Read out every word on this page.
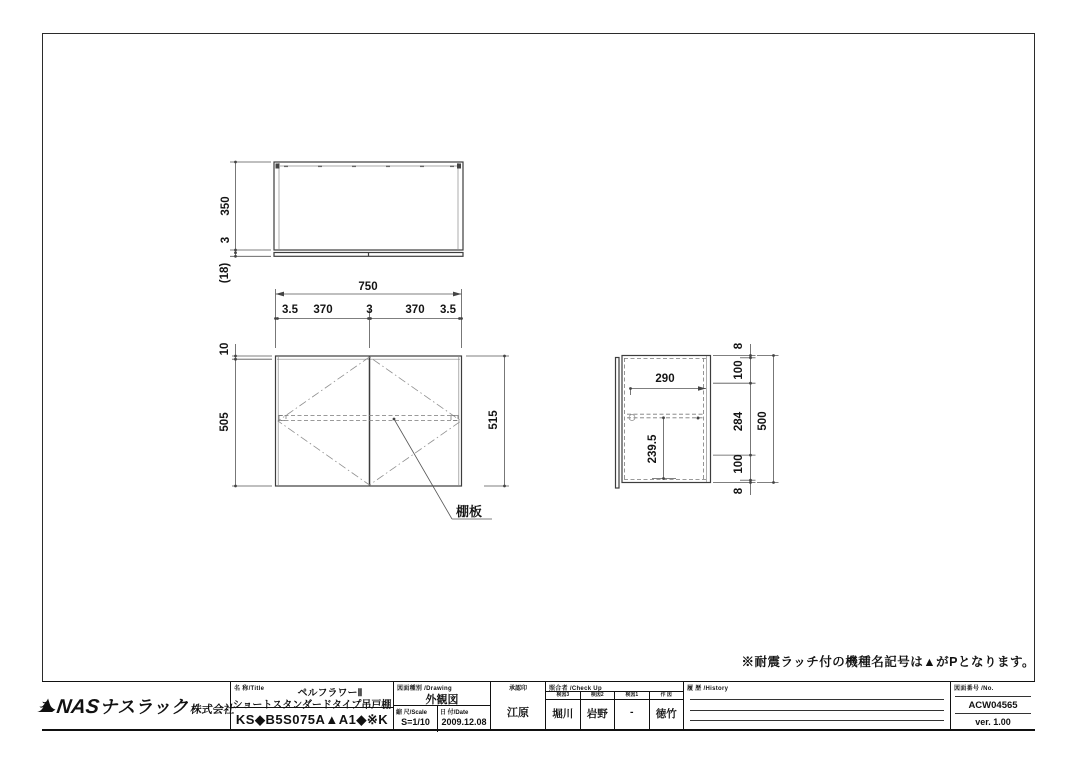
350
3
(18)
750
3.5 370	3	370 3.5
棚板
10
505	515
290
239.5
8
100
284
100
8
500
※耐震ラッチ付の機種名記号は▲がPとなります。
NAS ナスラック
株式会社
名 称/Title	ペルフラワーⅡ
ショートスタンダードタイプ吊戸棚
KS◆B5S075A▲A1◆※K
図面種別 /Drawing
外観図
縮 尺/Scale
S=1/10
日 付/Date
2009.12.08
承認印
江原
照合者 /Check Up
検図3
堀川
検図2
岩野
検図1
-
作 図
徳竹
履 歴 /History	図面番号 /No.
ACW04565
ver. 1.00
